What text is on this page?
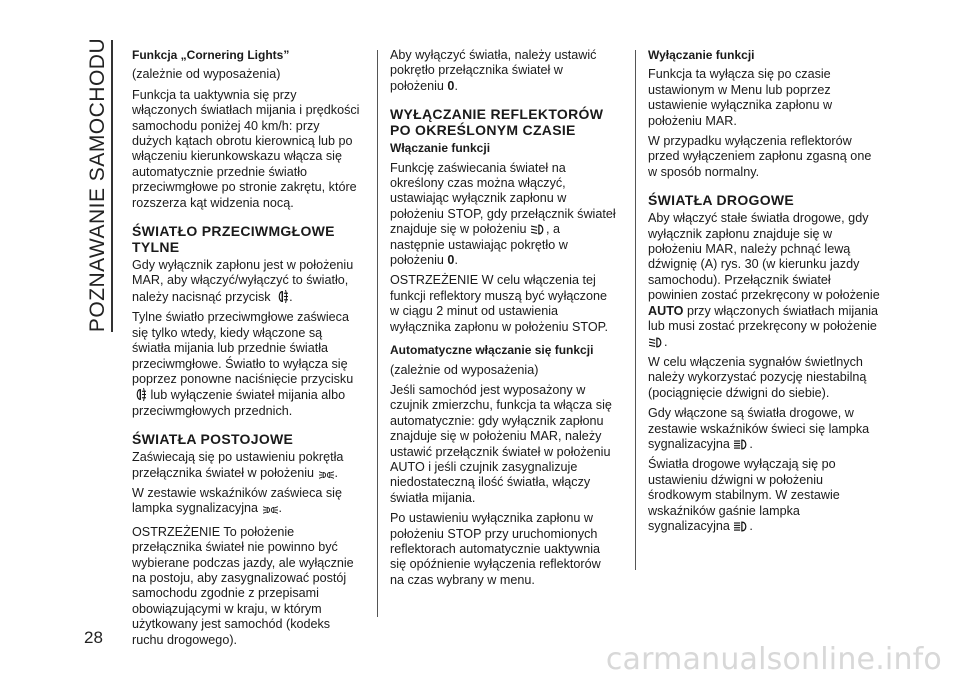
POZNAWANIE SAMOCHODU
28

Funkcja „Cornering Lights”

(zależnie od wyposażenia)

Funkcja ta uaktywnia się przy włączonych światłach mijania i prędkości samochodu poniżej 40 km/h: przy dużych kątach obrotu kierownicą lub po włączeniu kierunkowskazu włącza się automatycznie przednie światło przeciwmgłowe po stronie zakrętu, które rozszerza kąt widzenia nocą.

ŚWIATŁO PRZECIWMGŁOWE TYLNE

Gdy wyłącznik zapłonu jest w położeniu MAR, aby włączyć/wyłączyć to światło, należy nacisnąć przycisk .

Tylne światło przeciwmgłowe zaświeca się tylko wtedy, kiedy włączone są światła mijania lub przednie światła przeciwmgłowe. Światło to wyłącza się poprzez ponowne naciśnięcie przycisku
lub wyłączenie świateł mijania albo przeciwmgłowych przednich.

ŚWIATŁA POSTOJOWE

Zaświecają się po ustawieniu pokrętła przełącznika świateł w położeniu .

W zestawie wskaźników zaświeca się lampka sygnalizacyjna .

OSTRZEŻENIE To położenie przełącznika świateł nie powinno być wybierane podczas jazdy, ale wyłącznie na postoju, aby zasygnalizować postój samochodu zgodnie z przepisami obowiązującymi w kraju, w którym użytkowany jest samochód (kodeks ruchu drogowego).

Aby wyłączyć światła, należy ustawić pokrętło przełącznika świateł w położeniu 0.

WYŁĄCZANIE REFLEKTORÓW PO OKREŚLONYM CZASIE

Włączanie funkcji

Funkcję zaświecania świateł na określony czas można włączyć, ustawiając wyłącznik zapłonu w położeniu STOP, gdy przełącznik świateł znajduje się w położeniu , a następnie ustawiając pokrętło w położeniu 0.

OSTRZEŻENIE W celu włączenia tej funkcji reflektory muszą być wyłączone w ciągu 2 minut od ustawienia wyłącznika zapłonu w położeniu STOP.

Automatyczne włączanie się funkcji

(zależnie od wyposażenia)

Jeśli samochód jest wyposażony w czujnik zmierzchu, funkcja ta włącza się automatycznie: gdy wyłącznik zapłonu znajduje się w położeniu MAR, należy ustawić przełącznik świateł w położeniu AUTO i jeśli czujnik zasygnalizuje niedostateczną ilość światła, włączy światła mijania.

Po ustawieniu wyłącznika zapłonu w położeniu STOP przy uruchomionych reflektorach automatycznie uaktywnia się opóźnienie wyłączenia reflektorów na czas wybrany w menu.

Wyłączanie funkcji

Funkcja ta wyłącza się po czasie ustawionym w Menu lub poprzez ustawienie wyłącznika zapłonu w położeniu MAR.

W przypadku wyłączenia reflektorów przed wyłączeniem zapłonu zgasną one w sposób normalny.

ŚWIATŁA DROGOWE

Aby włączyć stałe światła drogowe, gdy wyłącznik zapłonu znajduje się w położeniu MAR, należy pchnąć lewą dźwignię (A) rys. 30 (w kierunku jazdy samochodu). Przełącznik świateł powinien zostać przekręcony w położenie AUTO przy włączonych światłach mijania lub musi zostać przekręcony w położenie
.

W celu włączenia sygnałów świetlnych należy wykorzystać pozycję niestabilną (pociągnięcie dźwigni do siebie).

Gdy włączone są światła drogowe, w zestawie wskaźników świeci się lampka sygnalizacyjna .

Światła drogowe wyłączają się po ustawieniu dźwigni w położeniu środkowym stabilnym. W zestawie wskaźników gaśnie lampka sygnalizacyjna .

carmanualsonline.info
